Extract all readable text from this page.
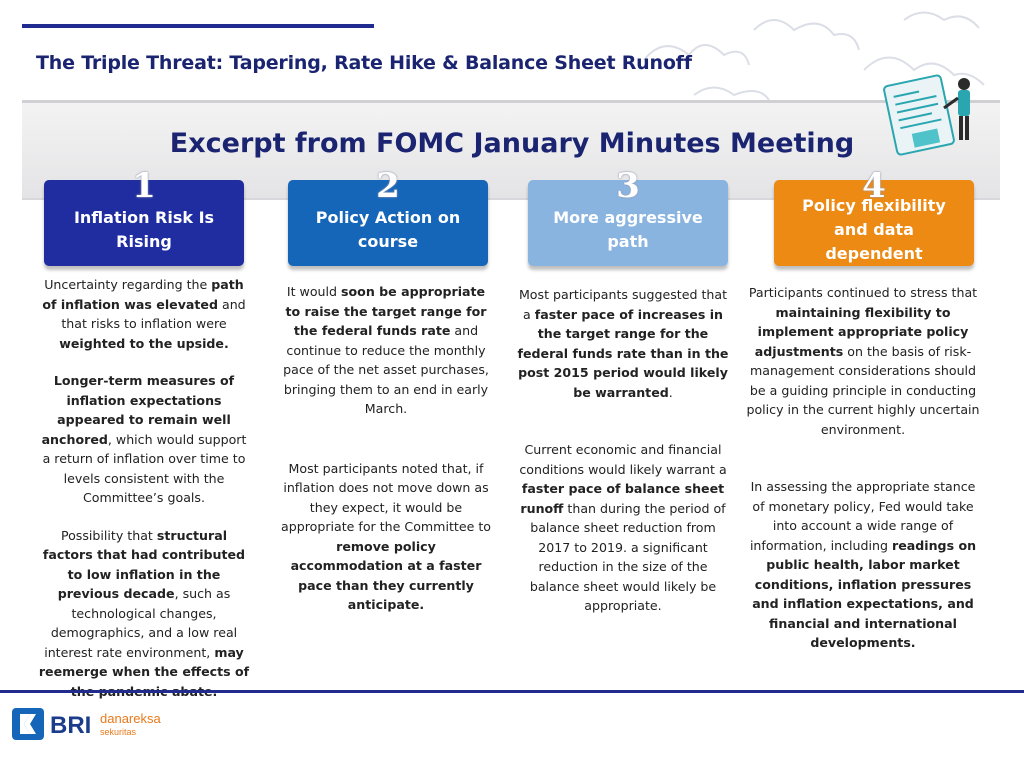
The Triple Threat: Tapering, Rate Hike & Balance Sheet Runoff
Excerpt from FOMC January Minutes Meeting
Inflation Risk Is Rising
1
Uncertainty regarding the path of inflation was elevated and that risks to inflation were weighted to the upside.
Longer-term measures of inflation expectations appeared to remain well anchored, which would support a return of inflation over time to levels consistent with the Committee’s goals.
Possibility that structural factors that had contributed to low inflation in the previous decade, such as technological changes, demographics, and a low real interest rate environment, may reemerge when the effects of
Policy Action on course
2
It would soon be appropriate to raise the target range for the federal funds rate and continue to reduce the monthly pace of the net asset purchases, bringing them to an end in early March.
Most participants noted that, if inflation does not move down as they expect, it would be appropriate for the Committee to remove policy accommodation at a faster pace than they currently anticipate.
More aggressive path
3
Most participants suggested that a faster pace of increases in the target range for the federal funds rate than in the post 2015 period would likely be warranted.
Current economic and financial conditions would likely warrant a faster pace of balance sheet runoff than during the period of balance sheet reduction from 2017 to 2019. a significant reduction in the size of the balance sheet would likely be appropriate.
Policy flexibility and data dependent
4
Participants continued to stress that maintaining flexibility to implement appropriate policy adjustments on the basis of risk-management considerations should be a guiding principle in conducting policy in the current highly uncertain environment.
In assessing the appropriate stance of monetary policy, Fed would take into account a wide range of information, including readings on public health, labor market conditions, inflation pressures and inflation expectations, and financial and international developments.
BRI danareksa
sekuritas
